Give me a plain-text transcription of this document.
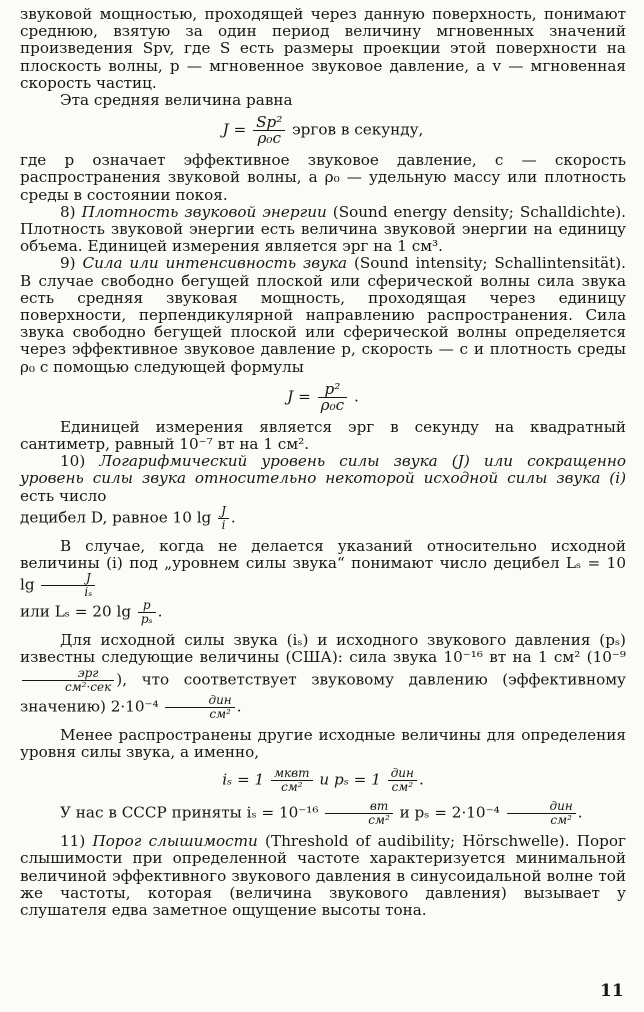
звуковой мощностью, проходящей через данную поверхность, понимают среднюю, взятую за один период величину мгновенных значений произведения Spv, где S есть размеры проекции этой поверхности на плоскость волны, p — мгновенное звуковое давление, а v — мгновенная скорость частиц.

Эта средняя величина равна

$J = \frac{\text{Sp²}}{\text{ρ₀c}}$ эргов в секунду,

где p означает эффективное звуковое давление, c — скорость распространения звуковой волны, а ρ₀ — удельную массу или плотность среды в состоянии покоя.

8) Плотность звуковой энергии (Sound energy density; Schalldichte). Плотность звуковой энергии есть величина звуковой энергии на единицу объема. Единицей измерения является эрг на 1 см³.

9) Сила или интенсивность звука (Sound intensity; Schallintensität). В случае свободно бегущей плоской или сферической волны сила звука есть средняя звуковая мощность, проходящая через единицу поверхности, перпендикулярной направлению распространения. Сила звука свободно бегущей плоской или сферической волны определяется через эффективное звуковое давление p, скорость — c и плотность среды ρ₀ с помощью следующей формулы

$J = \frac{\text{p²}}{\text{ρ₀c}}$ .

Единицей измерения является эрг в секунду на квадратный сантиметр, равный 10⁻⁷ вт на 1 см².

10) Логарифмический уровень силы звука (J) или сокращенно уровень силы звука относительно некоторой исходной силы звука (i) есть число

децибел D, равное 10 $\lg \frac{J}{i}$ .

В случае, когда не делается указаний относительно исходной величины (i) под „уровнем силы звука“ понимают число децибел Lₛ = 10 $\lg \frac{J}{\text{iₛ}}$

или Lₛ = 20 $\lg \frac{p}{\text{pₛ}}$ .

Для исходной силы звука (iₛ) и исходного звукового давления (pₛ) известны следующие величины (США): сила звука 10⁻¹⁶ вт на 1 см² (10⁻⁹
$\frac{\text{эрг}}{\text{см²·сек}}$ ), что соответствует звуковому давлению (эффективному значению) $2\cdot 10^{-4} \frac{\text{дин}}{\text{см²}}$ .

Менее распространены другие исходные величины для определения уровня силы звука, а именно,

$i_s = 1 \frac{\text{мквт}}{\text{см²}}$ и $p_s = 1 \frac{\text{дин}}{\text{см²}}$ .

У нас в СССР приняты $i_s = 10^{-16} \frac{вт}{\text{см²}}$ и $p_s = 2\cdot 10^{-4} \frac{\text{дин}}{\text{см²}}$ .

11) Порог слышимости (Threshold of audibility; Hörschwelle). Порог слышимости при определенной частоте характеризуется минимальной величиной эффективного звукового давления в синусоидальной волне той же частоты, которая (величина звукового давления) вызывает у слушателя едва заметное ощущение высоты тона.

11
